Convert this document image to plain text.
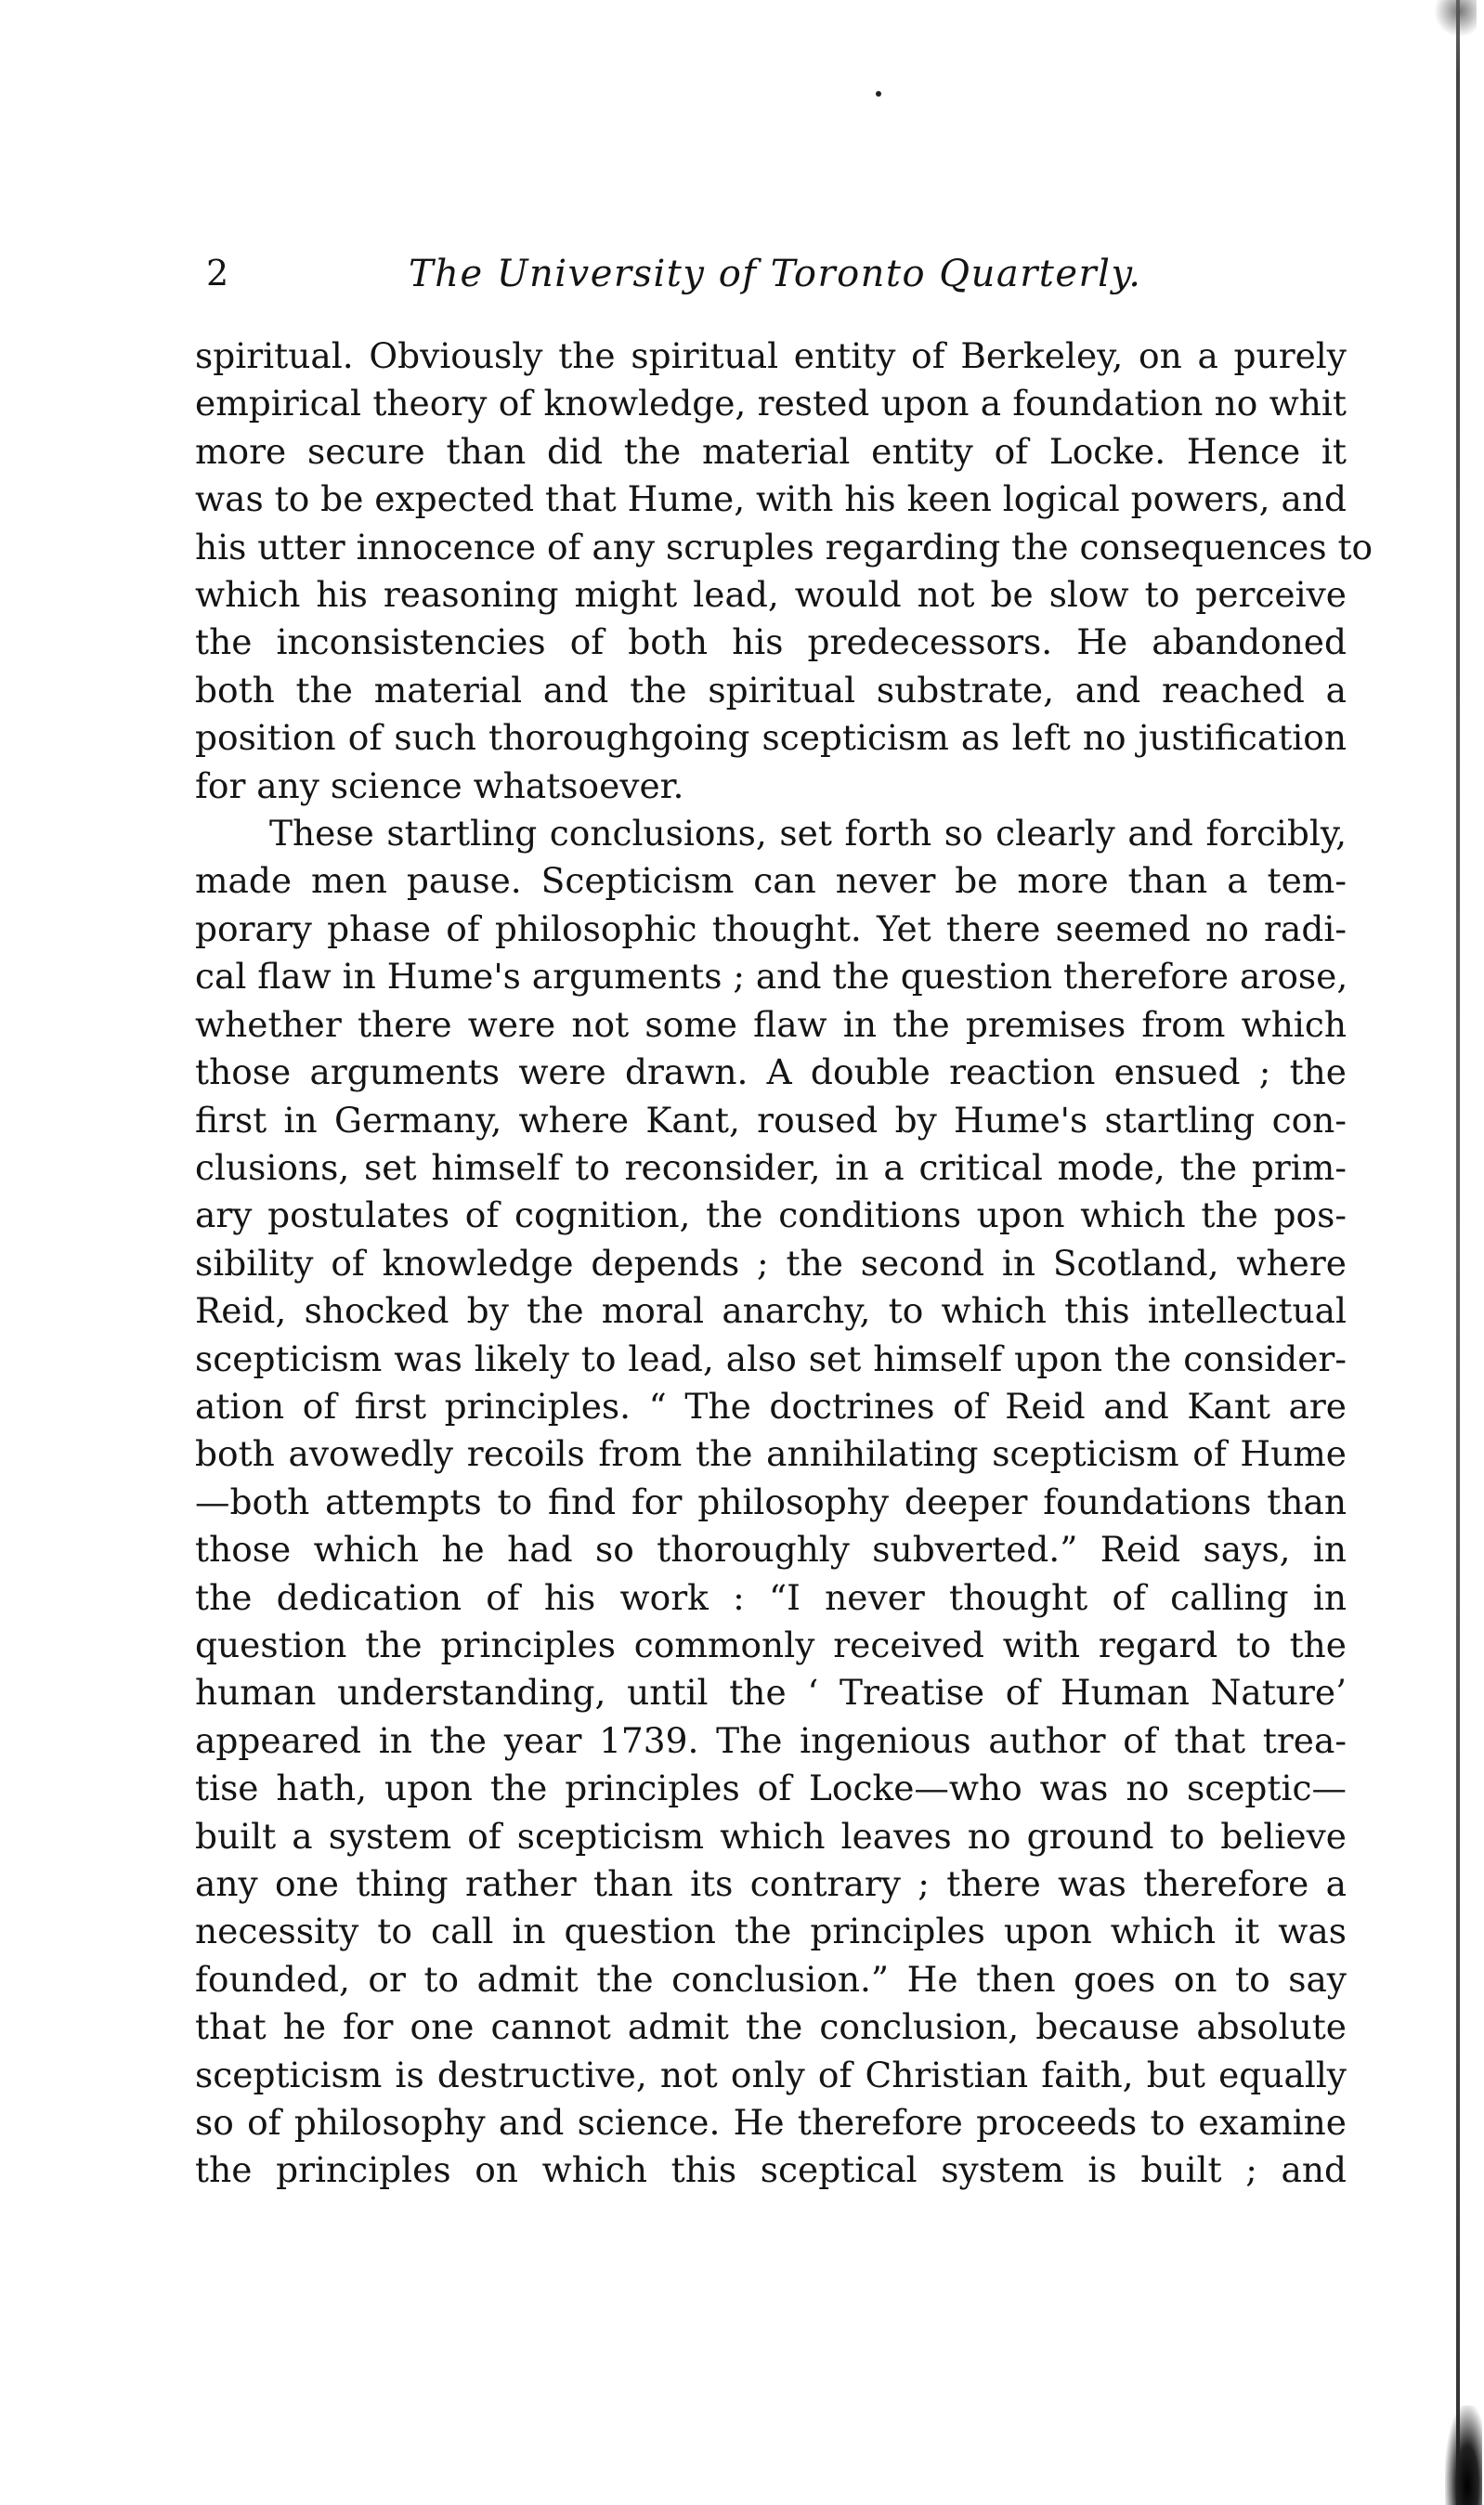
2	The University of Toronto Quarterly.
spiritual. Obviously the spiritual entity of Berkeley, on a purely
empirical theory of knowledge, rested upon a foundation no whit
more secure than did the material entity of Locke. Hence it
was to be expected that Hume, with his keen logical powers, and
his utter innocence of any scruples regarding the consequences to
which his reasoning might lead, would not be slow to perceive
the inconsistencies of both his predecessors. He abandoned
both the material and the spiritual substrate, and reached a
position of such thoroughgoing scepticism as left no justification
for any science whatsoever.
These startling conclusions, set forth so clearly and forcibly,
made men pause. Scepticism can never be more than a tem-
porary phase of philosophic thought. Yet there seemed no radi-
cal flaw in Hume's arguments ; and the question therefore arose,
whether there were not some flaw in the premises from which
those arguments were drawn. A double reaction ensued ; the
first in Germany, where Kant, roused by Hume's startling con-
clusions, set himself to reconsider, in a critical mode, the prim-
ary postulates of cognition, the conditions upon which the pos-
sibility of knowledge depends ; the second in Scotland, where
Reid, shocked by the moral anarchy, to which this intellectual
scepticism was likely to lead, also set himself upon the consider-
ation of first principles. “ The doctrines of Reid and Kant are
both avowedly recoils from the annihilating scepticism of Hume
—both attempts to find for philosophy deeper foundations than
those which he had so thoroughly subverted.” Reid says, in
the dedication of his work : “I never thought of calling in
question the principles commonly received with regard to the
human understanding, until the ‘ Treatise of Human Nature’
appeared in the year 1739. The ingenious author of that trea-
tise hath, upon the principles of Locke—who was no sceptic—
built a system of scepticism which leaves no ground to believe
any one thing rather than its contrary ; there was therefore a
necessity to call in question the principles upon which it was
founded, or to admit the conclusion.” He then goes on to say
that he for one cannot admit the conclusion, because absolute
scepticism is destructive, not only of Christian faith, but equally
so of philosophy and science. He therefore proceeds to examine
the principles on which this sceptical system is built ; and
